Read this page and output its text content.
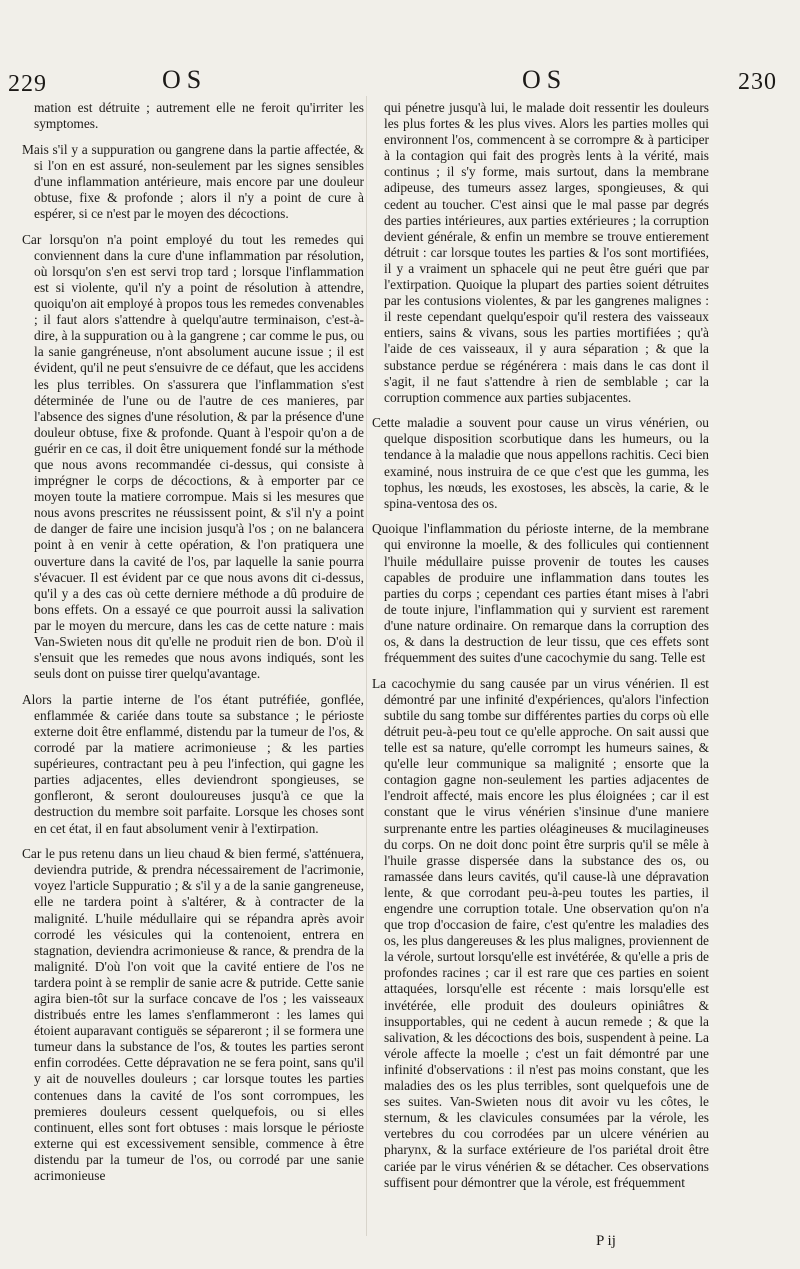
229	OS	OS	230

mation est détruite ; autrement elle ne feroit qu'irriter les symptomes.

Mais s'il y a suppuration ou gangrene dans la partie affectée, & si l'on en est assuré, non-seulement par les signes sensibles d'une inflammation antérieure, mais encore par une douleur obtuse, fixe & profonde ; alors il n'y a point de cure à espérer, si ce n'est par le moyen des décoctions.

Car lorsqu'on n'a point employé du tout les remedes qui conviennent dans la cure d'une inflammation par résolution, où lorsqu'on s'en est servi trop tard ; lorsque l'inflammation est si violente, qu'il n'y a point de résolution à attendre, quoiqu'on ait employé à propos tous les remedes convenables ; il faut alors s'attendre à quelqu'autre terminaison, c'est-à-dire, à la suppuration ou à la gangrene ; car comme le pus, ou la sanie gangréneuse, n'ont absolument aucune issue ; il est évident, qu'il ne peut s'ensuivre de ce défaut, que les accidens les plus terribles. On s'assurera que l'inflammation s'est déterminée de l'une ou de l'autre de ces manieres, par l'absence des signes d'une résolution, & par la présence d'une douleur obtuse, fixe & profonde. Quant à l'espoir qu'on a de guérir en ce cas, il doit être uniquement fondé sur la méthode que nous avons recommandée ci-dessus, qui consiste à imprégner le corps de décoctions, & à emporter par ce moyen toute la matiere corrompue. Mais si les mesures que nous avons prescrites ne réussissent point, & s'il n'y a point de danger de faire une incision jusqu'à l'os ; on ne balancera point à en venir à cette opération, & l'on pratiquera une ouverture dans la cavité de l'os, par laquelle la sanie pourra s'évacuer. Il est évident par ce que nous avons dit ci-dessus, qu'il y a des cas où cette derniere méthode a dû produire de bons effets. On a essayé ce que pourroit aussi la salivation par le moyen du mercure, dans les cas de cette nature : mais Van-Swieten nous dit qu'elle ne produit rien de bon. D'où il s'ensuit que les remedes que nous avons indiqués, sont les seuls dont on puisse tirer quelqu'avantage.

Alors la partie interne de l'os étant putréfiée, gonflée, enflammée & cariée dans toute sa substance ; le périoste externe doit être enflammé, distendu par la tumeur de l'os, & corrodé par la matiere acrimonieuse ; & les parties supérieures, contractant peu à peu l'infection, qui gagne les parties adjacentes, elles deviendront spongieuses, se gonfleront, & seront douloureuses jusqu'à ce que la destruction du membre soit parfaite. Lorsque les choses sont en cet état, il en faut absolument venir à l'extirpation.

Car le pus retenu dans un lieu chaud & bien fermé, s'atténuera, deviendra putride, & prendra nécessairement de l'acrimonie, voyez l'article Suppuratio ; & s'il y a de la sanie gangreneuse, elle ne tardera point à s'altérer, & à contracter de la malignité. L'huile médullaire qui se répandra après avoir corrodé les vésicules qui la contenoient, entrera en stagnation, deviendra acrimonieuse & rance, & prendra de la malignité. D'où l'on voit que la cavité entiere de l'os ne tardera point à se remplir de sanie acre & putride. Cette sanie agira bien-tôt sur la surface concave de l'os ; les vaisseaux distribués entre les lames s'enflammeront : les lames qui étoient auparavant contiguës se sépareront ; il se formera une tumeur dans la substance de l'os, & toutes les parties seront enfin corrodées. Cette dépravation ne se fera point, sans qu'il y ait de nouvelles douleurs ; car lorsque toutes les parties contenues dans la cavité de l'os sont corrompues, les premieres douleurs cessent quelquefois, ou si elles continuent, elles sont fort obtuses : mais lorsque le périoste externe qui est excessivement sensible, commence à être distendu par la tumeur de l'os, ou corrodé par une sanie acrimonieuse

qui pénetre jusqu'à lui, le malade doit ressentir les douleurs les plus fortes & les plus vives. Alors les parties molles qui environnent l'os, commencent à se corrompre & à participer à la contagion qui fait des progrès lents à la vérité, mais continus ; il s'y forme, mais surtout, dans la membrane adipeuse, des tumeurs assez larges, spongieuses, & qui cedent au toucher. C'est ainsi que le mal passe par degrés des parties intérieures, aux parties extérieures ; la corruption devient générale, & enfin un membre se trouve entierement détruit : car lorsque toutes les parties & l'os sont mortifiées, il y a vraiment un sphacele qui ne peut être guéri que par l'extirpation. Quoique la plupart des parties soient détruites par les contusions violentes, & par les gangrenes malignes : il reste cependant quelqu'espoir qu'il restera des vaisseaux entiers, sains & vivans, sous les parties mortifiées ; qu'à l'aide de ces vaisseaux, il y aura séparation ; & que la substance perdue se régénérera : mais dans le cas dont il s'agit, il ne faut s'attendre à rien de semblable ; car la corruption commence aux parties subjacentes.

Cette maladie a souvent pour cause un virus vénérien, ou quelque disposition scorbutique dans les humeurs, ou la tendance à la maladie que nous appellons rachitis. Ceci bien examiné, nous instruira de ce que c'est que les gumma, les tophus, les nœuds, les exostoses, les abscès, la carie, & le spina-ventosa des os.

Quoique l'inflammation du périoste interne, de la membrane qui environne la moelle, & des follicules qui contiennent l'huile médullaire puisse provenir de toutes les causes capables de produire une inflammation dans toutes les parties du corps ; cependant ces parties étant mises à l'abri de toute injure, l'inflammation qui y survient est rarement d'une nature ordinaire. On remarque dans la corruption des os, & dans la destruction de leur tissu, que ces effets sont fréquemment des suites d'une cacochymie du sang. Telle est

La cacochymie du sang causée par un virus vénérien. Il est démontré par une infinité d'expériences, qu'alors l'infection subtile du sang tombe sur différentes parties du corps où elle détruit peu-à-peu tout ce qu'elle approche. On sait aussi que telle est sa nature, qu'elle corrompt les humeurs saines, & qu'elle leur communique sa malignité ; ensorte que la contagion gagne non-seulement les parties adjacentes de l'endroit affecté, mais encore les plus éloignées ; car il est constant que le virus vénérien s'insinue d'une maniere surprenante entre les parties oléagineuses & mucilagineuses du corps. On ne doit donc point être surpris qu'il se mêle à l'huile grasse dispersée dans la substance des os, ou ramassée dans leurs cavités, qu'il cause-là une dépravation lente, & que corrodant peu-à-peu toutes les parties, il engendre une corruption totale. Une observation qu'on n'a que trop d'occasion de faire, c'est qu'entre les maladies des os, les plus dangereuses & les plus malignes, proviennent de la vérole, surtout lorsqu'elle est invétérée, & qu'elle a pris de profondes racines ; car il est rare que ces parties en soient attaquées, lorsqu'elle est récente : mais lorsqu'elle est invétérée, elle produit des douleurs opiniâtres & insupportables, qui ne cedent à aucun remede ; & que la salivation, & les décoctions des bois, suspendent à peine. La vérole affecte la moelle ; c'est un fait démontré par une infinité d'observations : il n'est pas moins constant, que les maladies des os les plus terribles, sont quelquefois une de ses suites. Van-Swieten nous dit avoir vu les côtes, le sternum, & les clavicules consumées par la vérole, les vertebres du cou corrodées par un ulcere vénérien au pharynx, & la surface extérieure de l'os pariétal droit être cariée par le virus vénérien & se détacher. Ces observations suffisent pour démontrer que la vérole, est fréquemment

P ij
